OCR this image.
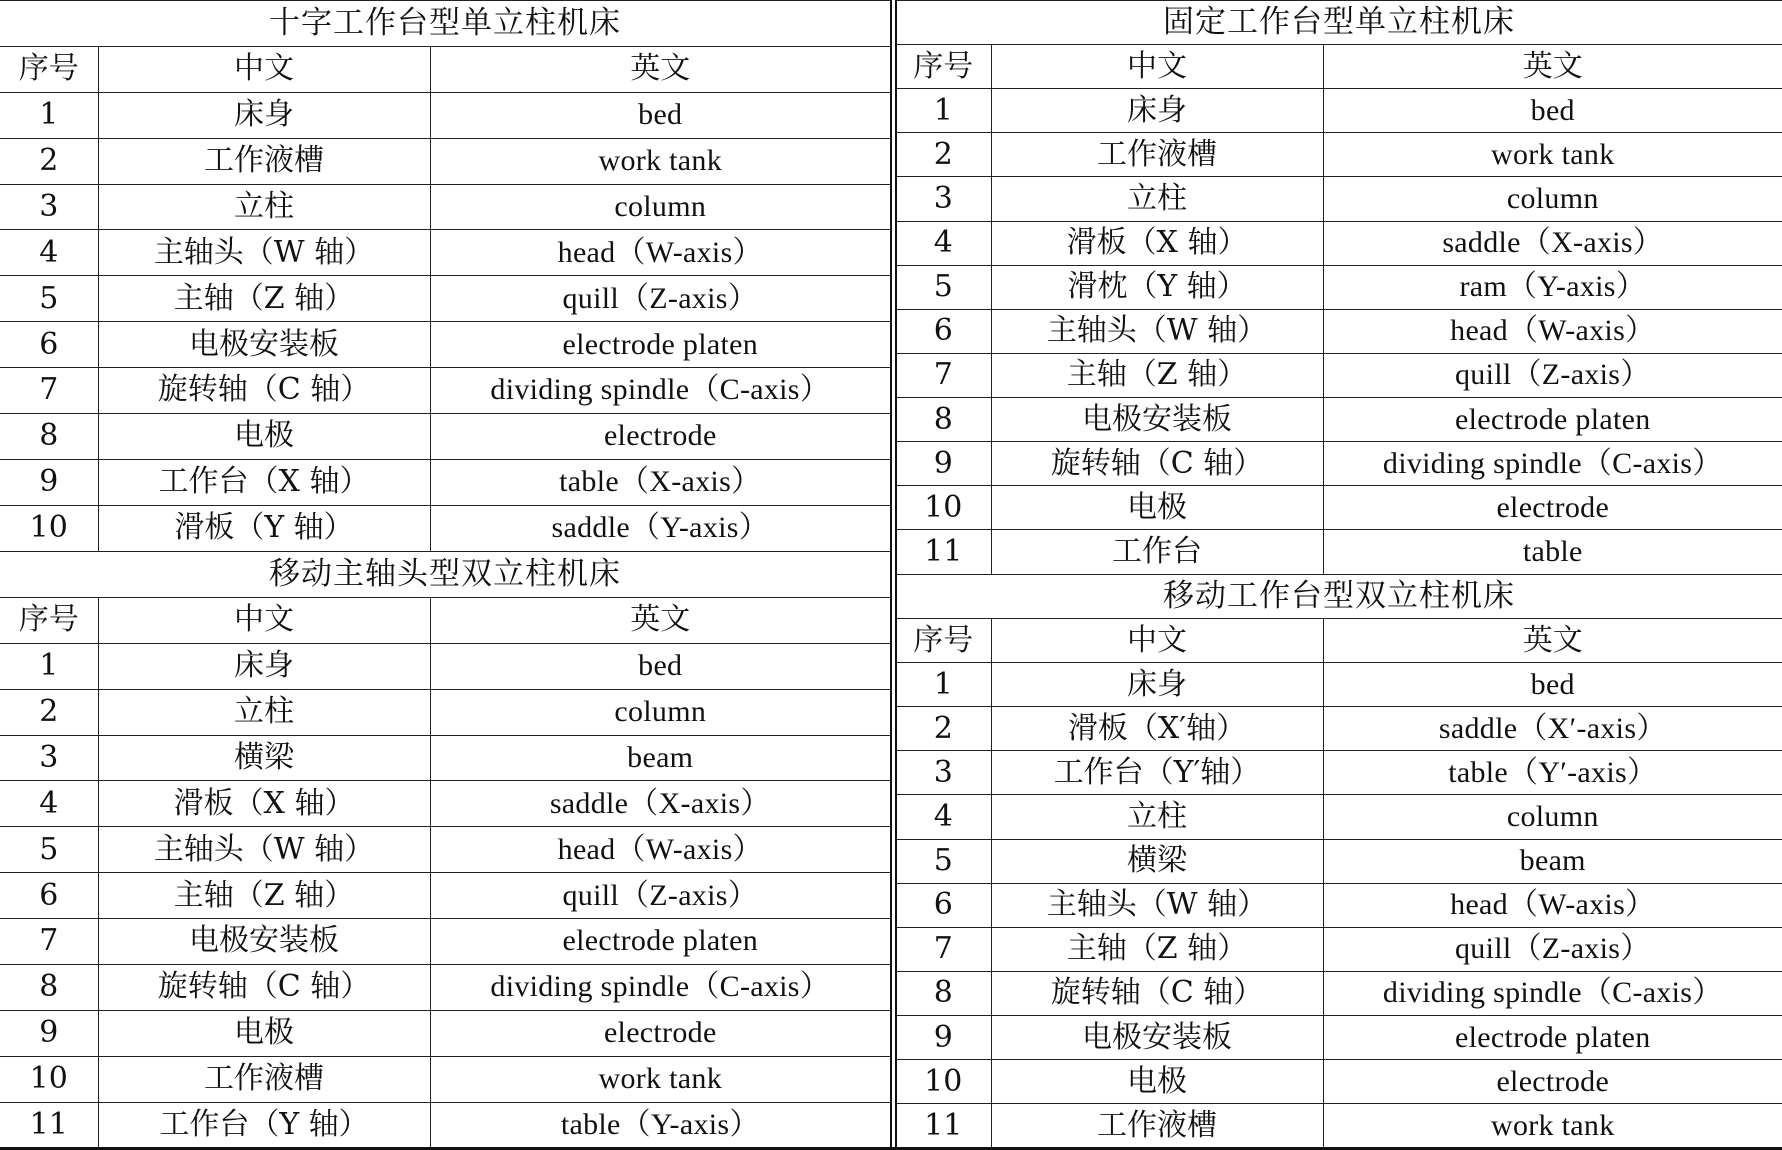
十字工作台型单立柱机床		
序号	中文	英文
1	床身	bed
2	工作液槽	work tank
3	立柱	column
4	主轴头（W 轴）	head（W-axis）
5	主轴（Z 轴）	quill（Z-axis）
6	电极安装板	electrode platen
7	旋转轴（C 轴）	dividing spindle（C-axis）
8	电极	electrode
9	工作台（X 轴）	table（X-axis）
10	滑板（Y 轴）	saddle（Y-axis）
移动主轴头型双立柱机床		
序号	中文	英文
1	床身	bed
2	立柱	column
3	横梁	beam
4	滑板（X 轴）	saddle（X-axis）
5	主轴头（W 轴）	head（W-axis）
6	主轴（Z 轴）	quill（Z-axis）
7	电极安装板	electrode platen
8	旋转轴（C 轴）	dividing spindle（C-axis）
9	电极	electrode
10	工作液槽	work tank
11	工作台（Y 轴）	table（Y-axis）
固定工作台型单立柱机床		
序号	中文	英文
1	床身	bed
2	工作液槽	work tank
3	立柱	column
4	滑板（X 轴）	saddle（X-axis）
5	滑枕（Y 轴）	ram（Y-axis）
6	主轴头（W 轴）	head（W-axis）
7	主轴（Z 轴）	quill（Z-axis）
8	电极安装板	electrode platen
9	旋转轴（C 轴）	dividing spindle（C-axis）
10	电极	electrode
11	工作台	table
移动工作台型双立柱机床		
序号	中文	英文
1	床身	bed
2	滑板（X′轴）	saddle（X′-axis）
3	工作台（Y′轴）	table（Y′-axis）
4	立柱	column
5	横梁	beam
6	主轴头（W 轴）	head（W-axis）
7	主轴（Z 轴）	quill（Z-axis）
8	旋转轴（C 轴）	dividing spindle（C-axis）
9	电极安装板	electrode platen
10	电极	electrode
11	工作液槽	work tank
